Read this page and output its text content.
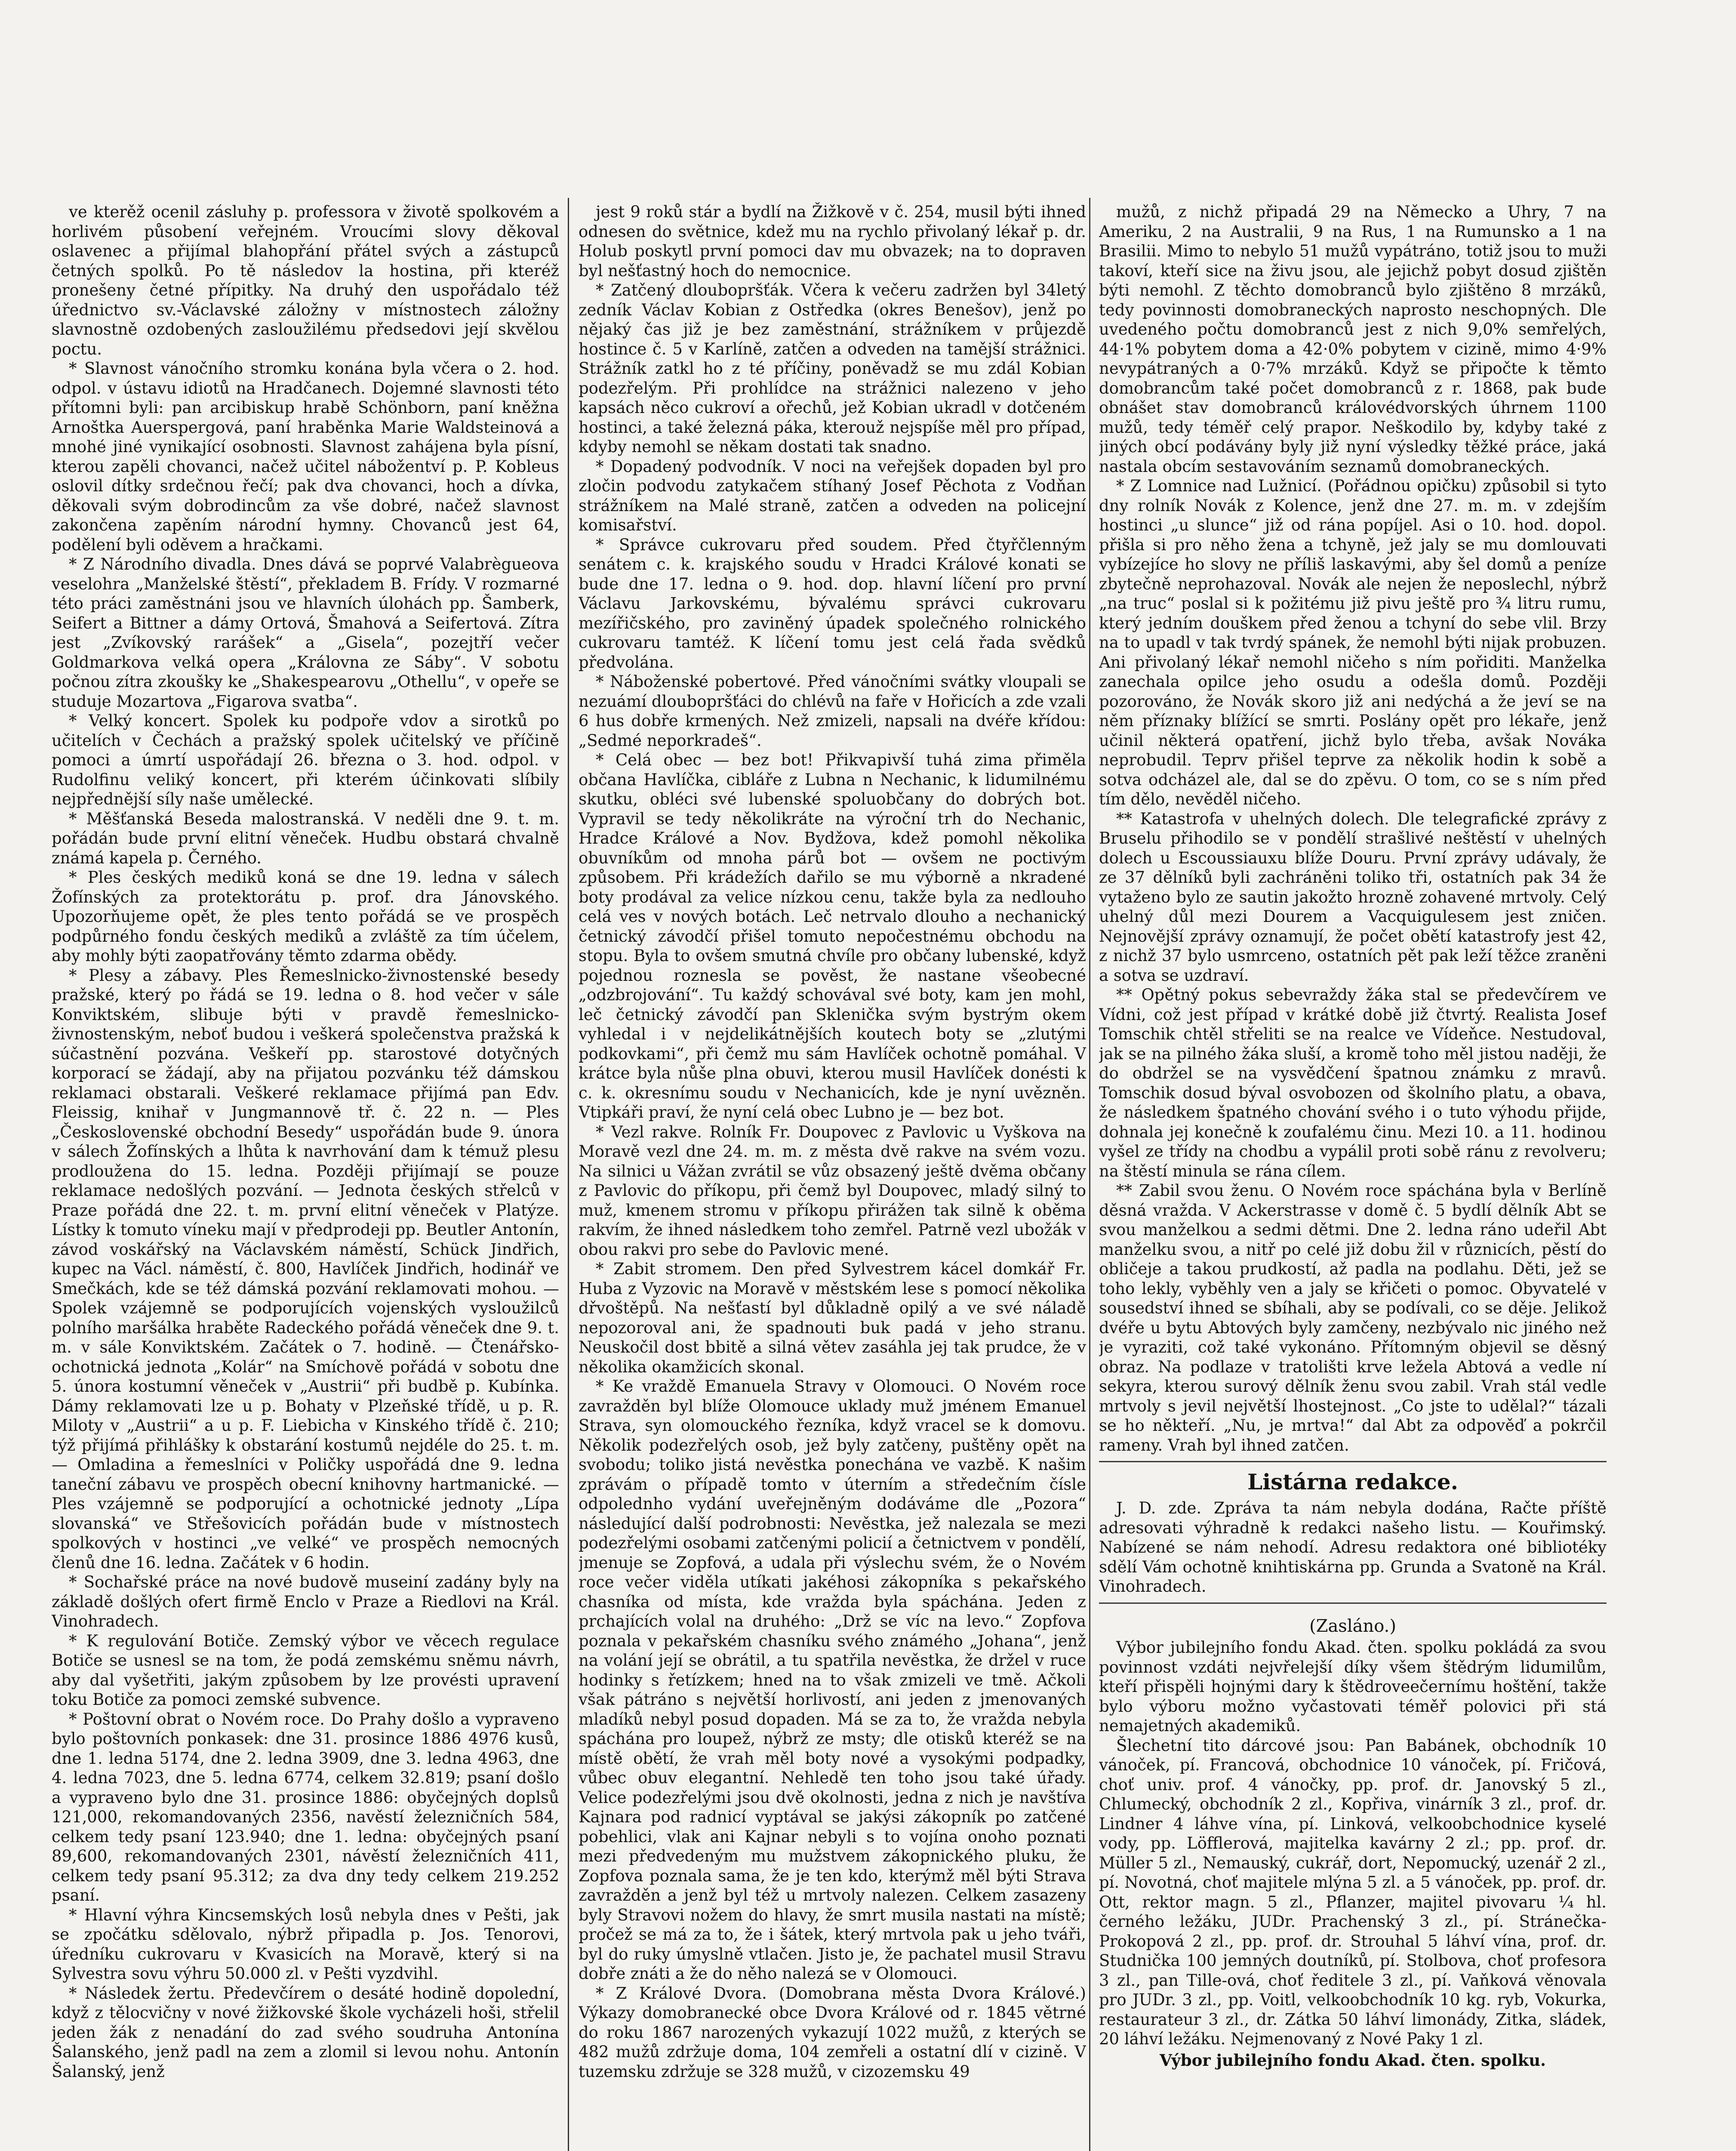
ve kterěž ocenil zásluhy p. professora v životě spolkovém a horlivém působení veřejném. Vroucími slovy děkoval oslavenec a přijímal blahopřání přátel svých a zástupců četných spolků. Po tě následov la hostina, při kteréž pronešeny četné přípitky. Na druhý den uspořádalo též úřednictvo sv.-Václavské záložny v místnostech záložny slavnostně ozdobených zasloužilému předsedovi její skvělou poctu.

* Slavnost vánočního stromku konána byla včera o 2. hod. odpol. v ústavu idiotů na Hradčanech. Dojemné slavnosti této přítomni byli: pan arcibiskup hrabě Schönborn, paní kněžna Arnoštka Auerspergová, paní hraběnka Marie Waldsteinová a mnohé jiné vynikající osobnosti. Slavnost zahájena byla písní, kterou zapěli chovanci, načež učitel nábožentví p. P. Kobleus oslovil dítky srdečnou řečí; pak dva chovanci, hoch a dívka, děkovali svým dobrodincům za vše dobré, načež slavnost zakončena zapěním národní hymny. Chovanců jest 64, podělení byli oděvem a hračkami.

* Z Národního divadla. Dnes dává se poprvé Valabrègueova veselohra „Manželské štěstí“, překladem B. Frídy. V rozmarné této práci zaměstnáni jsou ve hlavních úlohách pp. Šamberk, Seifert a Bittner a dámy Ortová, Šmahová a Seifertová. Zítra jest „Zvíkovský rarášek“ a „Gisela“, pozejtří večer Goldmarkova velká opera „Královna ze Sáby“. V sobotu počnou zítra zkoušky ke „Shakespearovu „Othellu“, v opeře se studuje Mozartova „Figarova svatba“.

* Velký koncert. Spolek ku podpoře vdov a sirotků po učitelích v Čechách a pražský spolek učitelský ve příčině pomoci a úmrtí uspořádají 26. března o 3. hod. odpol. v Rudolfinu veliký koncert, při kterém účinkovati slíbily nejpřednější síly naše umělecké.

* Měšťanská Beseda malostranská. V neděli dne 9. t. m. pořádán bude první elitní věneček. Hudbu obstará chvalně známá kapela p. Černého.

* Ples českých mediků koná se dne 19. ledna v sálech Žofínských za protektorátu p. prof. dra Jánovského. Upozorňujeme opět, že ples tento pořádá se ve prospěch podpůrného fondu českých mediků a zvláště za tím účelem, aby mohly býti zaopatřovány těmto zdarma obědy.

* Plesy a zábavy. Ples Řemeslnicko-živnostenské besedy pražské, který po řádá se 19. ledna o 8. hod večer v sále Konviktském, slibuje býti v pravdě řemeslnicko-živnostenským, neboť budou i veškerá společenstva pražská k súčastnění pozvána. Veškeří pp. starostové dotyčných korporací se žádají, aby na přijatou pozvánku též dámskou reklamaci obstarali. Veškeré reklamace přijímá pan Edv. Fleissig, knihař v Jungmannově tř. č. 22 n. — Ples „Československé obchodní Besedy“ uspořádán bude 9. února v sálech Žofínských a lhůta k navrhování dam k témuž plesu prodloužena do 15. ledna. Později přijímají se pouze reklamace nedošlých pozvání. — Jednota českých střelců v Praze pořádá dne 22. t. m. první elitní věneček v Platýze. Lístky k tomuto víneku mají v předprodeji pp. Beutler Antonín, závod voskářský na Václavském náměstí, Schück Jindřich, kupec na Václ. náměstí, č. 800, Havlíček Jindřich, hodinář ve Smečkách, kde se též dámská pozvání reklamovati mohou. — Spolek vzájemně se podporujících vojenských vysloužilců polního maršálka hraběte Radeckého pořádá věneček dne 9. t. m. v sále Konviktském. Začátek o 7. hodině. — Čtenářsko-ochotnická jednota „Kolár“ na Smíchově pořádá v sobotu dne 5. února kostumní věneček v „Austrii“ při budbě p. Kubínka. Dámy reklamovati lze u p. Bohaty v Plzeňské třídě, u p. R. Miloty v „Austrii“ a u p. F. Liebicha v Kinského třídě č. 210; týž přijímá přihlášky k obstarání kostumů nejdéle do 25. t. m. — Omladina a řemeslníci v Poličky uspořádá dne 9. ledna taneční zábavu ve prospěch obecní knihovny hartmanické. — Ples vzájemně se podporující a ochotnické jednoty „Lípa slovanská“ ve Střešovicích pořádán bude v místnostech spolkových v hostinci „ve velké“ ve prospěch nemocných členů dne 16. ledna. Začátek v 6 hodin.

* Sochařské práce na nové budově museiní zadány byly na základě došlých ofert firmě Enclo v Praze a Riedlovi na Král. Vinohradech.

* K regulování Botiče. Zemský výbor ve věcech regulace Botiče se usnesl se na tom, že podá zemskému sněmu návrh, aby dal vyšetřiti, jakým způsobem by lze provésti upravení toku Botiče za pomoci zemské subvence.

* Poštovní obrat o Novém roce. Do Prahy došlo a vypraveno bylo poštovních ponkasek: dne 31. prosince 1886 4976 kusů, dne 1. ledna 5174, dne 2. ledna 3909, dne 3. ledna 4963, dne 4. ledna 7023, dne 5. ledna 6774, celkem 32.819; psaní došlo a vypraveno bylo dne 31. prosince 1886: obyčejných doplsů 121,000, rekomandovaných 2356, navěstí železničních 584, celkem tedy psaní 123.940; dne 1. ledna: obyčejných psaní 89,600, rekomandovaných 2301, návěstí železničních 411, celkem tedy psaní 95.312; za dva dny tedy celkem 219.252 psaní.

* Hlavní výhra Kincsemských losů nebyla dnes v Pešti, jak se zpočátku sdělovalo, nýbrž připadla p. Jos. Tenorovi, úředníku cukrovaru v Kvasicích na Moravě, který si na Sylvestra sovu výhru 50.000 zl. v Pešti vyzdvihl.

* Následek žertu. Předevčírem o desáté hodině dopolední, když z tělocvičny v nové žižkovské škole vycházeli hoši, střelil jeden žák z nenadání do zad svého soudruha Antonína Šalanského, jenž padl na zem a zlomil si levou nohu. Antonín Šalanský, jenž

jest 9 roků stár a bydlí na Žižkově v č. 254, musil býti ihned odnesen do světnice, kdež mu na rychlo přivolaný lékař p. dr. Holub poskytl první pomoci dav mu obvazek; na to dopraven byl nešťastný hoch do nemocnice.

* Zatčený dloubopršťák. Včera k večeru zadržen byl 34letý zedník Václav Kobian z Ostředka (okres Benešov), jenž po nějaký čas již je bez zaměstnání, strážníkem v průjezdě hostince č. 5 v Karlíně, zatčen a odveden na tamější strážnici. Strážník zatkl ho z té příčiny, poněvadž se mu zdál Kobian podezřelým. Při prohlídce na strážnici nalezeno v jeho kapsách něco cukroví a ořechů, jež Kobian ukradl v dotčeném hostinci, a také železná páka, kterouž nejspíše měl pro případ, kdyby nemohl se někam dostati tak snadno.

* Dopadený podvodník. V noci na veřejšek dopaden byl pro zločin podvodu zatykačem stíhaný Josef Pěchota z Vodňan strážníkem na Malé straně, zatčen a odveden na policejní komisařství.

* Správce cukrovaru před soudem. Před čtyřčlenným senátem c. k. krajského soudu v Hradci Králové konati se bude dne 17. ledna o 9. hod. dop. hlavní líčení pro první Václavu Jarkovskému, bývalému správci cukrovaru mezířičského, pro zaviněný úpadek společného rolnického cukrovaru tamtéž. K líčení tomu jest celá řada svědků předvolána.

* Náboženské pobertové. Před vánočními svátky vloupali se nezuámí dloubopršťáci do chlévů na faře v Hořicích a zde vzali 6 hus dobře krmených. Než zmizeli, napsali na dvéře křídou: „Sedmé neporkradeš“.

* Celá obec — bez bot! Přikvapivší tuhá zima přiměla občana Havlíčka, cibláře z Lubna n Nechanic, k lidumilnému skutku, obléci své lubenské spoluobčany do dobrých bot. Vypravil se tedy několikráte na výroční trh do Nechanic, Hradce Králové a Nov. Bydžova, kdež pomohl několika obuvníkům od mnoha párů bot — ovšem ne poctivým způsobem. Při krádežích dařilo se mu výborně a nkradené boty prodával za velice nízkou cenu, takže byla za nedlouho celá ves v nových botách. Leč netrvalo dlouho a nechanický četnický závodčí přišel tomuto nepočestnému obchodu na stopu. Byla to ovšem smutná chvíle pro občany lubenské, když pojednou roznesla se pověst, že nastane všeobecné „odzbrojování“. Tu každý schovával své boty, kam jen mohl, leč četnický závodčí pan Sklenička svým bystrým okem vyhledal i v nejdelikátnějších koutech boty se „zlutými podkovkami“, při čemž mu sám Havlíček ochotně pomáhal. V krátce byla nůše plna obuvi, kterou musil Havlíček donésti k c. k. okresnímu soudu v Nechanicích, kde je nyní uvězněn. Vtipkáři praví, že nyní celá obec Lubno je — bez bot.

* Vezl rakve. Rolník Fr. Doupovec z Pavlovic u Vyškova na Moravě vezl dne 24. m. m. z města dvě rakve na svém vozu. Na silnici u Vážan zvrátil se vůz obsazený ještě dvěma občany z Pavlovic do příkopu, při čemž byl Doupovec, mladý silný to muž, kmenem stromu v příkopu přirážen tak silně k oběma rakvím, že ihned následkem toho zemřel. Patrně vezl ubožák v obou rakvi pro sebe do Pavlovic mené.

* Zabit stromem. Den před Sylvestrem kácel domkář Fr. Huba z Vyzovic na Moravě v městském lese s pomocí několika dřvoštěpů. Na nešťastí byl důkladně opilý a ve své náladě nepozoroval ani, že spadnouti buk padá v jeho stranu. Neuskočil dost bbitě a silná větev zasáhla jej tak prudce, že v několika okamžicích skonal.

* Ke vraždě Emanuela Stravy v Olomouci. O Novém roce zavražděn byl blíže Olomouce uklady muž jménem Emanuel Strava, syn olomouckého řezníka, když vracel se k domovu. Několik podezřelých osob, jež byly zatčeny, puštěny opět na svobodu; toliko jistá nevěstka ponechána ve vazbě. K našim zprávám o případě tomto v úterním a středečním čísle odpolednho vydání uveřejněným dodáváme dle „Pozora“ následující další podrobnosti: Nevěstka, jež nalezala se mezi podezřelými osobami zatčenými policií a četnictvem v pondělí, jmenuje se Zopfová, a udala při výslechu svém, že o Novém roce večer viděla utíkati jakéhosi zákopníka s pekařského chasníka od místa, kde vražda byla spáchána. Jeden z prchajících volal na druhého: „Drž se víc na levo.“ Zopfova poznala v pekařském chasníku svého známého „Johana“, jenž na volání její se obrátil, a tu spatřila nevěstka, že držel v ruce hodinky s řetízkem; hned na to však zmizeli ve tmě. Ačkoli však pátráno s největší horlivostí, ani jeden z jmenovaných mladíků nebyl posud dopaden. Má se za to, že vražda nebyla spáchána pro loupež, nýbrž ze msty; dle otisků kteréž se na místě obětí, že vrah měl boty nové a vysokými podpadky, vůbec obuv elegantní. Nehledě ten toho jsou také úřady. Velice podezřelými jsou dvě okolnosti, jedna z nich je navštíva Kajnara pod radnicí vyptával se jakýsi zákopník po zatčené pobehlici, vlak ani Kajnar nebyli s to vojína onoho poznati mezi předvedeným mu mužstvem zákopnického pluku, že Zopfova poznala sama, že je ten kdo, kterýmž měl býti Strava zavražděn a jenž byl též u mrtvoly nalezen. Celkem zasazeny byly Stravovi nožem do hlavy, že smrt musila nastati na místě; pročež se má za to, že i šátek, který mrtvola pak u jeho tváři, byl do ruky úmyslně vtlačen. Jisto je, že pachatel musil Stravu dobře znáti a že do něho nalezá se v Olomouci.

* Z Králové Dvora. (Domobrana města Dvora Králové.) Výkazy domobranecké obce Dvora Králové od r. 1845 větrné do roku 1867 narozených vykazují 1022 mužů, z kterých se 482 mužů zdržuje doma, 104 zemřeli a ostatní dlí v cizině. V tuzemsku zdržuje se 328 mužů, v cizozemsku 49

mužů, z nichž připadá 29 na Německo a Uhry, 7 na Ameriku, 2 na Australii, 9 na Rus, 1 na Rumunsko a 1 na Brasilii. Mimo to nebylo 51 mužů vypátráno, totiž jsou to muži takoví, kteří sice na živu jsou, ale jejichž pobyt dosud zjištěn býti nemohl. Z těchto domobranců bylo zjištěno 8 mrzáků, tedy povinnosti domobraneckých naprosto neschopných. Dle uvedeného počtu domobranců jest z nich 9,0% semřelých, 44·1% pobytem doma a 42·0% pobytem v cizině, mimo 4·9% nevypátraných a 0·7% mrzáků. Když se připočte k těmto domobrancům také počet domobranců z r. 1868, pak bude obnášet stav domobranců královédvorských úhrnem 1100 mužů, tedy téměř celý prapor. Neškodilo by, kdyby také z jiných obcí podávány byly již nyní výsledky těžké práce, jaká nastala obcím sestavováním seznamů domobraneckých.

* Z Lomnice nad Lužnicí. (Pořádnou opičku) způsobil si tyto dny rolník Novák z Kolence, jenž dne 27. m. m. v zdejším hostinci „u slunce“ již od rána popíjel. Asi o 10. hod. dopol. přišla si pro něho žena a tchyně, jež jaly se mu domlouvati vybízejíce ho slovy ne příliš laskavými, aby šel domů a peníze zbytečně neprohazoval. Novák ale nejen že neposlechl, nýbrž „na truc“ poslal si k požitému již pivu ještě pro ¾ litru rumu, který jedním douškem před ženou a tchyní do sebe vlil. Brzy na to upadl v tak tvrdý spánek, že nemohl býti nijak probuzen. Ani přivolaný lékař nemohl ničeho s ním pořiditi. Manželka zanechala opilce jeho osudu a odešla domů. Později pozorováno, že Novák skoro již ani nedýchá a že jeví se na něm příznaky blížící se smrti. Poslány opět pro lékaře, jenž učinil některá opatření, jichž bylo třeba, avšak Nováka neprobudil. Teprv přišel teprve za několik hodin k sobě a sotva odcházel ale, dal se do zpěvu. O tom, co se s ním před tím dělo, nevěděl ničeho.

** Katastrofa v uhelných dolech. Dle telegrafické zprávy z Bruselu přihodilo se v pondělí strašlivé neštěstí v uhelných dolech u Escoussiauxu blíže Douru. První zprávy udávaly, že ze 37 dělníků byli zachráněni toliko tři, ostatních pak 34 že vytaženo bylo ze sautin jakožto hrozně zohavené mrtvoly. Celý uhelný důl mezi Dourem a Vacquigulesem jest zničen. Nejnovější zprávy oznamují, že počet obětí katastrofy jest 42, z nichž 37 bylo usmrceno, ostatních pět pak leží těžce zraněni a sotva se uzdraví.

** Opětný pokus sebevraždy žáka stal se předevčírem ve Vídni, což jest případ v krátké době již čtvrtý. Realista Josef Tomschik chtěl střeliti se na realce ve Vídeňce. Nestudoval, jak se na pilného žáka sluší, a kromě toho měl jistou naději, že do obdržel se na vysvědčení špatnou známku z mravů. Tomschik dosud býval osvobozen od školního platu, a obava, že následkem špatného chování svého i o tuto výhodu přijde, dohnala jej konečně k zoufalému činu. Mezi 10. a 11. hodinou vyšel ze třídy na chodbu a vypálil proti sobě ránu z revolveru; na štěstí minula se rána cílem.

** Zabil svou ženu. O Novém roce spáchána byla v Berlíně děsná vražda. V Ackerstrasse v domě č. 5 bydlí dělník Abt se svou manželkou a sedmi dětmi. Dne 2. ledna ráno udeřil Abt manželku svou, a nitř po celé již dobu žil v různicích, pěstí do obličeje a takou prudkostí, až padla na podlahu. Děti, jež se toho lekly, vyběhly ven a jaly se křičeti o pomoc. Obyvatelé v sousedství ihned se sbíhali, aby se podívali, co se děje. Jelikož dvéře u bytu Abtových byly zamčeny, nezbývalo nic jiného než je vyraziti, což také vykonáno. Přítomným objevil se děsný obraz. Na podlaze v tratolišti krve ležela Abtová a vedle ní sekyra, kterou surový dělník ženu svou zabil. Vrah stál vedle mrtvoly s jevil největší lhostejnost. „Co jste to udělal?“ tázali se ho někteří. „Nu, je mrtva!“ dal Abt za odpověď a pokrčil rameny. Vrah byl ihned zatčen.

Listárna redakce.

J. D. zde. Zpráva ta nám nebyla dodána, Račte příště adresovati výhradně k redakci našeho listu. — Kouřimský. Nabízené se nám nehodí. Adresu redaktora oné bibliotéky sdělí Vám ochotně knihtiskárna pp. Grunda a Svatoně na Král. Vinohradech.

(Zasláno.)

Výbor jubilejního fondu Akad. čten. spolku pokládá za svou povinnost vzdáti nejvřelejší díky všem štědrým lidumilům, kteří přispěli hojnými dary k štědroveečernímu hoštění, takže bylo výboru možno vyčastovati téměř polovici při stá nemajetných akademiků.

Šlechetní tito dárcové jsou: Pan Babánek, obchodník 10 vánoček, pí. Francová, obchodnice 10 vánoček, pí. Fričová, choť univ. prof. 4 vánočky, pp. prof. dr. Janovský 5 zl., Chlumecký, obchodník 2 zl., Kopřiva, vinárník 3 zl., prof. dr. Lindner 4 láhve vína, pí. Linková, velkoobchodnice kyselé vody, pp. Löfflerová, majitelka kavárny 2 zl.; pp. prof. dr. Müller 5 zl., Nemauský, cukrář, dort, Nepomucký, uzenář 2 zl., pí. Novotná, choť majitele mlýna 5 zl. a 5 vánoček, pp. prof. dr. Ott, rektor magn. 5 zl., Pflanzer, majitel pivovaru ¼ hl. černého ležáku, JUDr. Prachenský 3 zl., pí. Stránečka-Prokopová 2 zl., pp. prof. dr. Strouhal 5 láhví vína, prof. dr. Studnička 100 jemných doutníků, pí. Stolbova, choť profesora 3 zl., pan Tille-ová, choť ředitele 3 zl., pí. Vaňková věnovala pro JUDr. 3 zl., pp. Voitl, velkoobchodník 10 kg. ryb, Vokurka, restaurateur 3 zl., dr. Zátka 50 láhví limonády, Zitka, sládek, 20 láhví ležáku. Nejmenovaný z Nové Paky 1 zl.

Výbor jubilejního fondu Akad. čten. spolku.
